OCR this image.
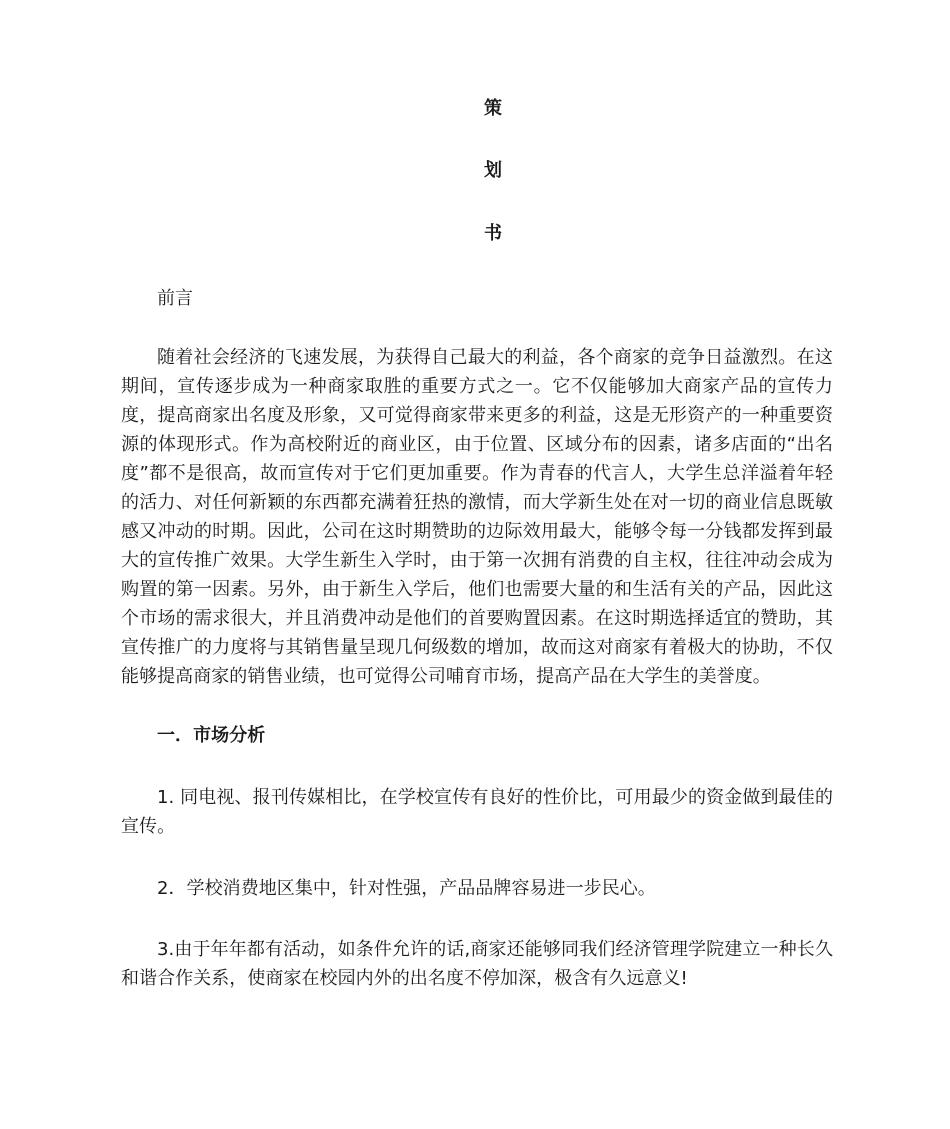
策
划
书
前言
随着社会经济的飞速发展，为获得自己最大的利益，各个商家的竞争日益激烈。在这期间，宣传逐步成为一种商家取胜的重要方式之一。它不仅能够加大商家产品的宣传力度，提高商家出名度及形象，又可觉得商家带来更多的利益，这是无形资产的一种重要资源的体现形式。作为高校附近的商业区，由于位置、区域分布的因素，诸多店面的“出名度”都不是很高，故而宣传对于它们更加重要。作为青春的代言人，大学生总洋溢着年轻的活力、对任何新颖的东西都充满着狂热的激情，而大学新生处在对一切的商业信息既敏感又冲动的时期。因此，公司在这时期赞助的边际效用最大，能够令每一分钱都发挥到最大的宣传推广效果。大学生新生入学时，由于第一次拥有消费的自主权，往往冲动会成为购置的第一因素。另外，由于新生入学后，他们也需要大量的和生活有关的产品，因此这个市场的需求很大，并且消费冲动是他们的首要购置因素。在这时期选择适宜的赞助，其宣传推广的力度将与其销售量呈现几何级数的增加，故而这对商家有着极大的协助，不仅能够提高商家的销售业绩，也可觉得公司哺育市场，提高产品在大学生的美誉度。
一．市场分析
1. 同电视、报刊传媒相比，在学校宣传有良好的性价比，可用最少的资金做到最佳的宣传。
2．学校消费地区集中，针对性强，产品品牌容易进一步民心。
3.由于年年都有活动，如条件允许的话,商家还能够同我们经济管理学院建立一种长久和谐合作关系，使商家在校园内外的出名度不停加深，极含有久远意义!
